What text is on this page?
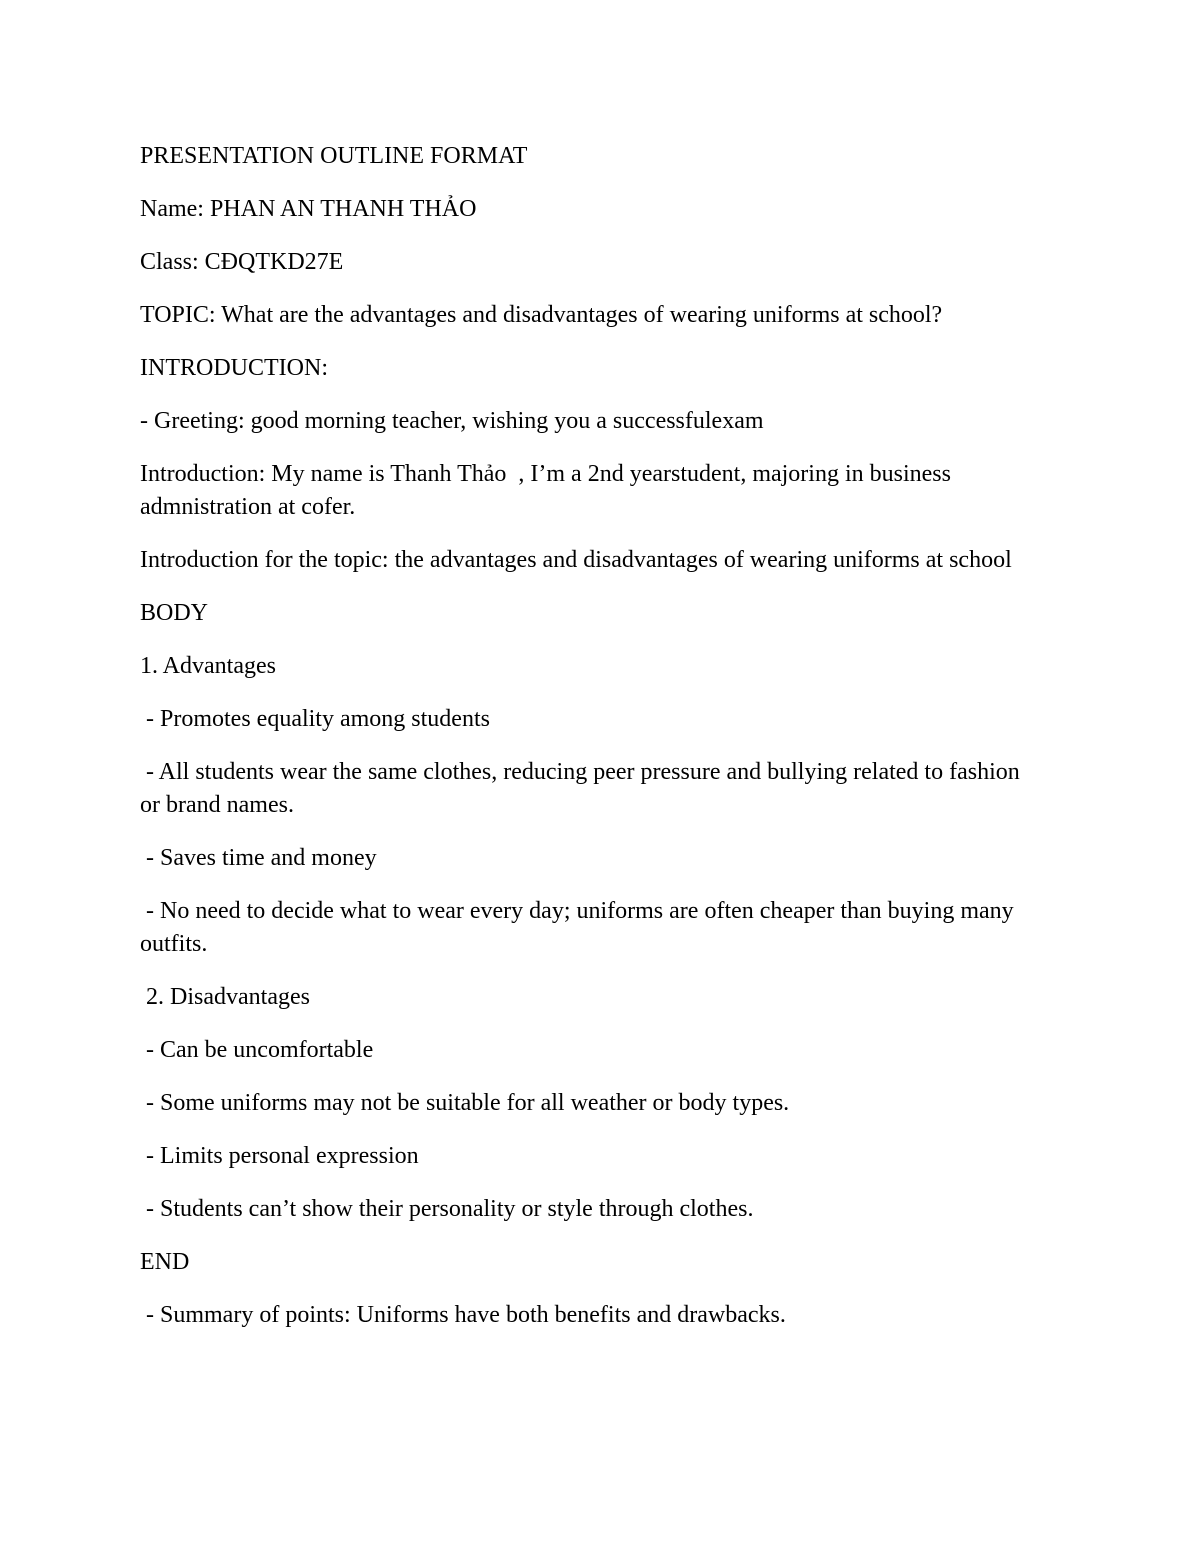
PRESENTATION OUTLINE FORMAT

Name: PHAN AN THANH THẢO

Class: CĐQTKD27E

TOPIC: What are the advantages and disadvantages of wearing uniforms at school?

INTRODUCTION:

- Greeting: good morning teacher, wishing you a successfulexam

Introduction: My name is Thanh Thảo  , I’m a 2nd yearstudent, majoring in business admnistration at cofer.

Introduction for the topic: the advantages and disadvantages of wearing uniforms at school

BODY

1. Advantages

- Promotes equality among students

- All students wear the same clothes, reducing peer pressure and bullying related to fashion or brand names.

- Saves time and money

- No need to decide what to wear every day; uniforms are often cheaper than buying many outfits.

2. Disadvantages

- Can be uncomfortable

- Some uniforms may not be suitable for all weather or body types.

- Limits personal expression

- Students can’t show their personality or style through clothes.

END

- Summary of points: Uniforms have both benefits and drawbacks.
